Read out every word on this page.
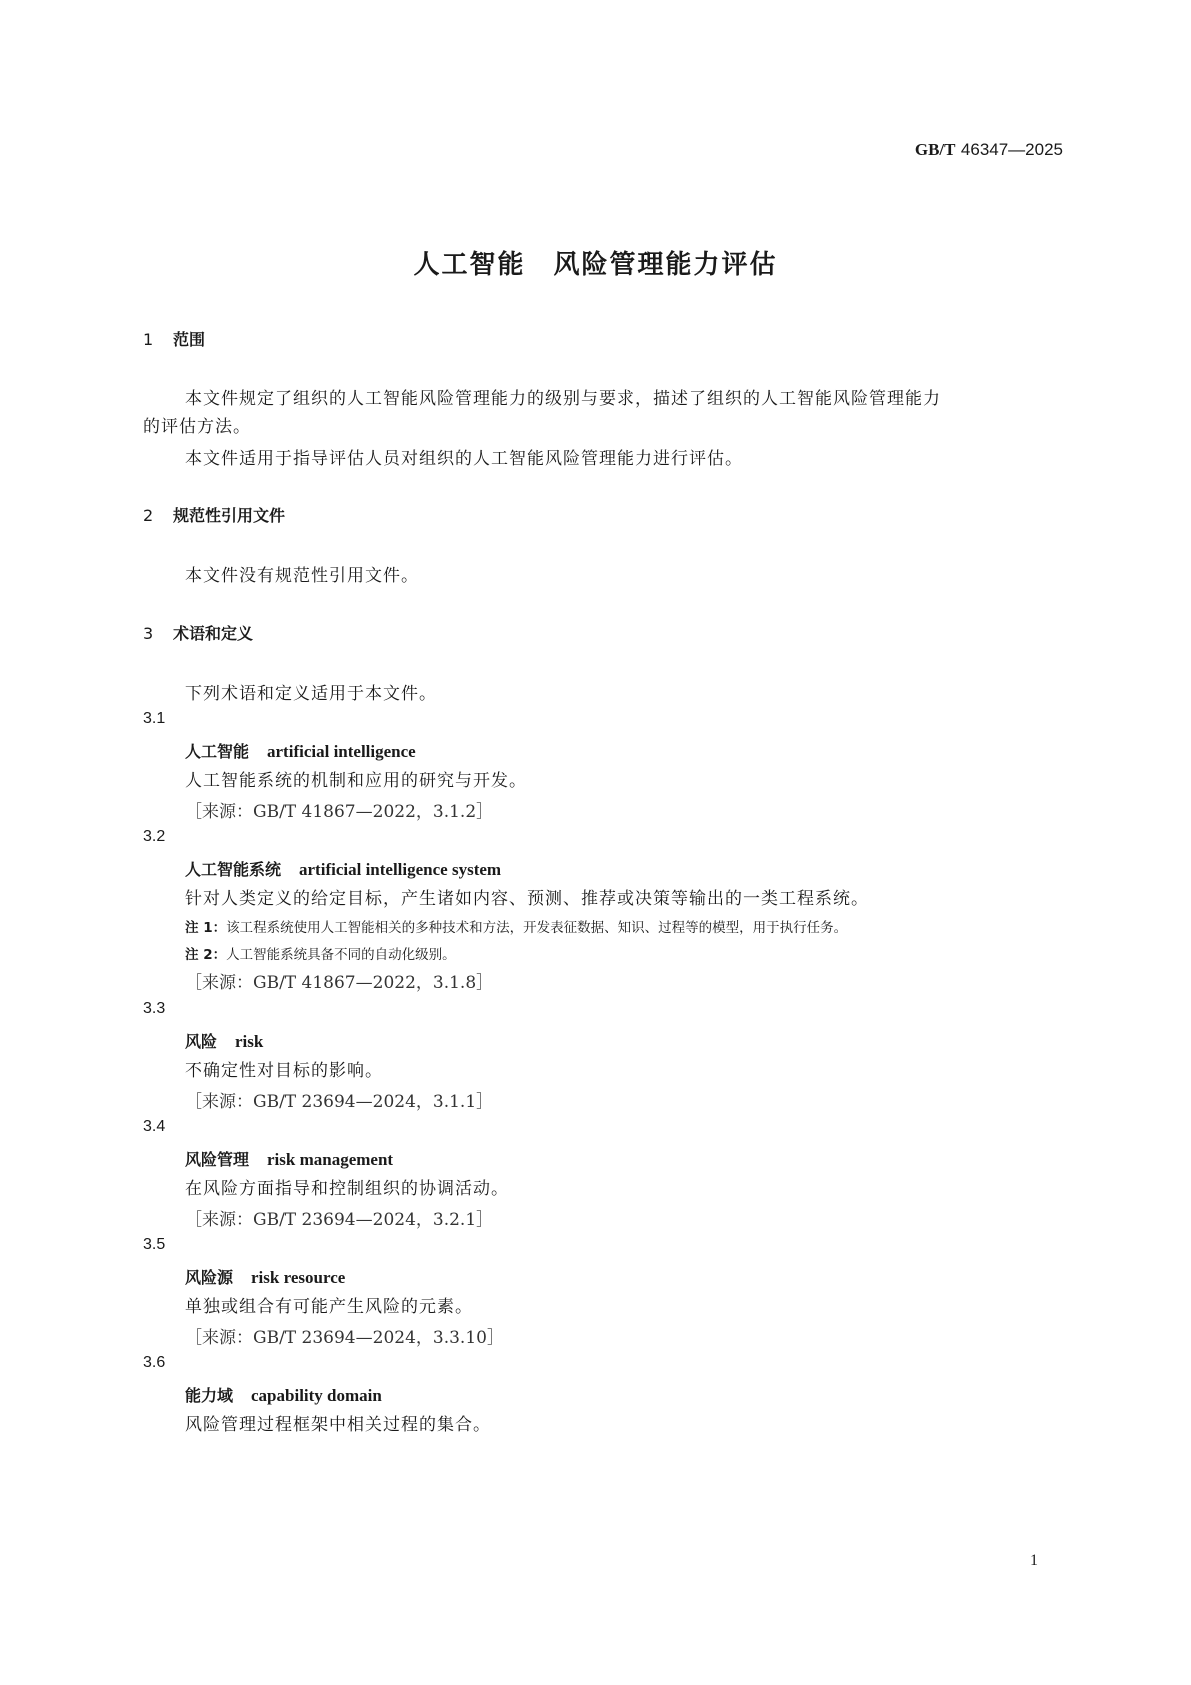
GB/T 46347—2025
人工智能　风险管理能力评估
1 范围
本文件规定了组织的人工智能风险管理能力的级别与要求，描述了组织的人工智能风险管理能力
的评估方法。
本文件适用于指导评估人员对组织的人工智能风险管理能力进行评估。
2 规范性引用文件
本文件没有规范性引用文件。
3 术语和定义
下列术语和定义适用于本文件。
3.1
人工智能 artificial intelligence
人工智能系统的机制和应用的研究与开发。
［来源：GB/T 41867—2022，3.1.2］
3.2
人工智能系统 artificial intelligence system
针对人类定义的给定目标，产生诸如内容、预测、推荐或决策等输出的一类工程系统。
注 1：该工程系统使用人工智能相关的多种技术和方法，开发表征数据、知识、过程等的模型，用于执行任务。
注 2：人工智能系统具备不同的自动化级别。
［来源：GB/T 41867—2022，3.1.8］
3.3
风险 risk
不确定性对目标的影响。
［来源：GB/T 23694—2024，3.1.1］
3.4
风险管理 risk management
在风险方面指导和控制组织的协调活动。
［来源：GB/T 23694—2024，3.2.1］
3.5
风险源 risk resource
单独或组合有可能产生风险的元素。
［来源：GB/T 23694—2024，3.3.10］
3.6
能力域 capability domain
风险管理过程框架中相关过程的集合。
1
